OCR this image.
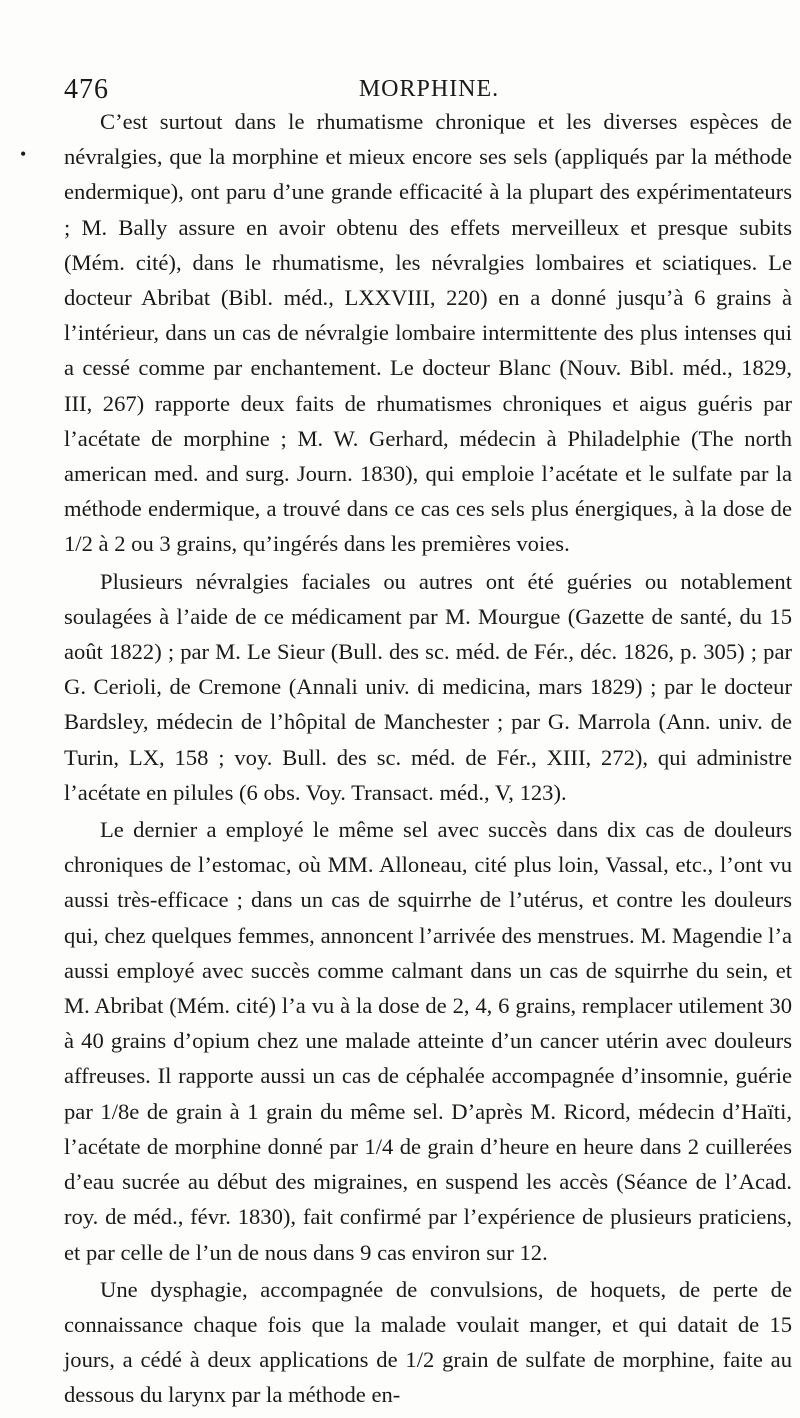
476	MORPHINE.
•

C’est surtout dans le rhumatisme chronique et les diverses espèces de névralgies, que la morphine et mieux encore ses sels (appliqués par la méthode endermique), ont paru d’une grande efficacité à la plupart des expérimentateurs ; M. Bally assure en avoir obtenu des effets merveilleux et presque subits (Mém. cité), dans le rhumatisme, les névralgies lombaires et sciatiques. Le docteur Abribat (Bibl. méd., LXXVIII, 220) en a donné jusqu’à 6 grains à l’intérieur, dans un cas de névralgie lombaire intermittente des plus intenses qui a cessé comme par enchantement. Le docteur Blanc (Nouv. Bibl. méd., 1829, III, 267) rapporte deux faits de rhumatismes chroniques et aigus guéris par l’acétate de morphine ; M. W. Gerhard, médecin à Philadelphie (The north american med. and surg. Journ. 1830), qui emploie l’acétate et le sulfate par la méthode endermique, a trouvé dans ce cas ces sels plus énergiques, à la dose de 1/2 à 2 ou 3 grains, qu’ingérés dans les premières voies.

Plusieurs névralgies faciales ou autres ont été guéries ou notablement soulagées à l’aide de ce médicament par M. Mourgue (Gazette de santé, du 15 août 1822) ; par M. Le Sieur (Bull. des sc. méd. de Fér., déc. 1826, p. 305) ; par G. Cerioli, de Cremone (Annali univ. di medicina, mars 1829) ; par le docteur Bardsley, médecin de l’hôpital de Manchester ; par G. Marrola (Ann. univ. de Turin, LX, 158 ; voy. Bull. des sc. méd. de Fér., XIII, 272), qui administre l’acétate en pilules (6 obs. Voy. Transact. méd., V, 123).

Le dernier a employé le même sel avec succès dans dix cas de douleurs chroniques de l’estomac, où MM. Alloneau, cité plus loin, Vassal, etc., l’ont vu aussi très-efficace ; dans un cas de squirrhe de l’utérus, et contre les douleurs qui, chez quelques femmes, annoncent l’arrivée des menstrues. M. Magendie l’a aussi employé avec succès comme calmant dans un cas de squirrhe du sein, et M. Abribat (Mém. cité) l’a vu à la dose de 2, 4, 6 grains, remplacer utilement 30 à 40 grains d’opium chez une malade atteinte d’un cancer utérin avec douleurs affreuses. Il rapporte aussi un cas de céphalée accompagnée d’insomnie, guérie par 1/8e de grain à 1 grain du même sel. D’après M. Ricord, médecin d’Haïti, l’acétate de morphine donné par 1/4 de grain d’heure en heure dans 2 cuillerées d’eau sucrée au début des migraines, en suspend les accès (Séance de l’Acad. roy. de méd., févr. 1830), fait confirmé par l’expérience de plusieurs praticiens, et par celle de l’un de nous dans 9 cas environ sur 12.

Une dysphagie, accompagnée de convulsions, de hoquets, de perte de connaissance chaque fois que la malade voulait manger, et qui datait de 15 jours, a cédé à deux applications de 1/2 grain de sulfate de morphine, faite au dessous du larynx par la méthode en-
